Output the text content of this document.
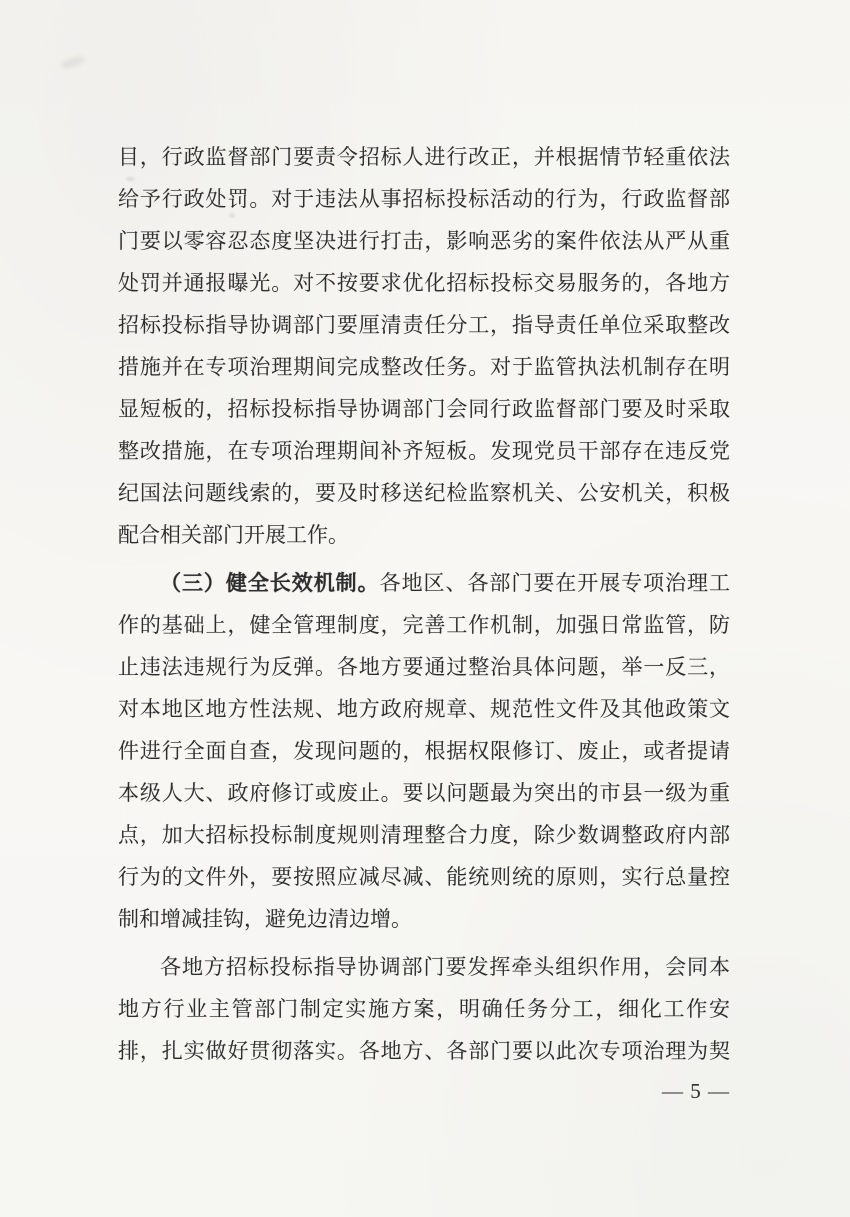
目，行政监督部门要责令招标人进行改正，并根据情节轻重依法
给予行政处罚。对于违法从事招标投标活动的行为，行政监督部
门要以零容忍态度坚决进行打击，影响恶劣的案件依法从严从重
处罚并通报曝光。对不按要求优化招标投标交易服务的，各地方
招标投标指导协调部门要厘清责任分工，指导责任单位采取整改
措施并在专项治理期间完成整改任务。对于监管执法机制存在明
显短板的，招标投标指导协调部门会同行政监督部门要及时采取
整改措施，在专项治理期间补齐短板。发现党员干部存在违反党
纪国法问题线索的，要及时移送纪检监察机关、公安机关，积极
配合相关部门开展工作。
（三）健全长效机制。各地区、各部门要在开展专项治理工
作的基础上，健全管理制度，完善工作机制，加强日常监管，防
止违法违规行为反弹。各地方要通过整治具体问题，举一反三，
对本地区地方性法规、地方政府规章、规范性文件及其他政策文
件进行全面自查，发现问题的，根据权限修订、废止，或者提请
本级人大、政府修订或废止。要以问题最为突出的市县一级为重
点，加大招标投标制度规则清理整合力度，除少数调整政府内部
行为的文件外，要按照应减尽减、能统则统的原则，实行总量控
制和增减挂钩，避免边清边增。
各地方招标投标指导协调部门要发挥牵头组织作用，会同本
地方行业主管部门制定实施方案，明确任务分工，细化工作安
排，扎实做好贯彻落实。各地方、各部门要以此次专项治理为契
— 5 —
